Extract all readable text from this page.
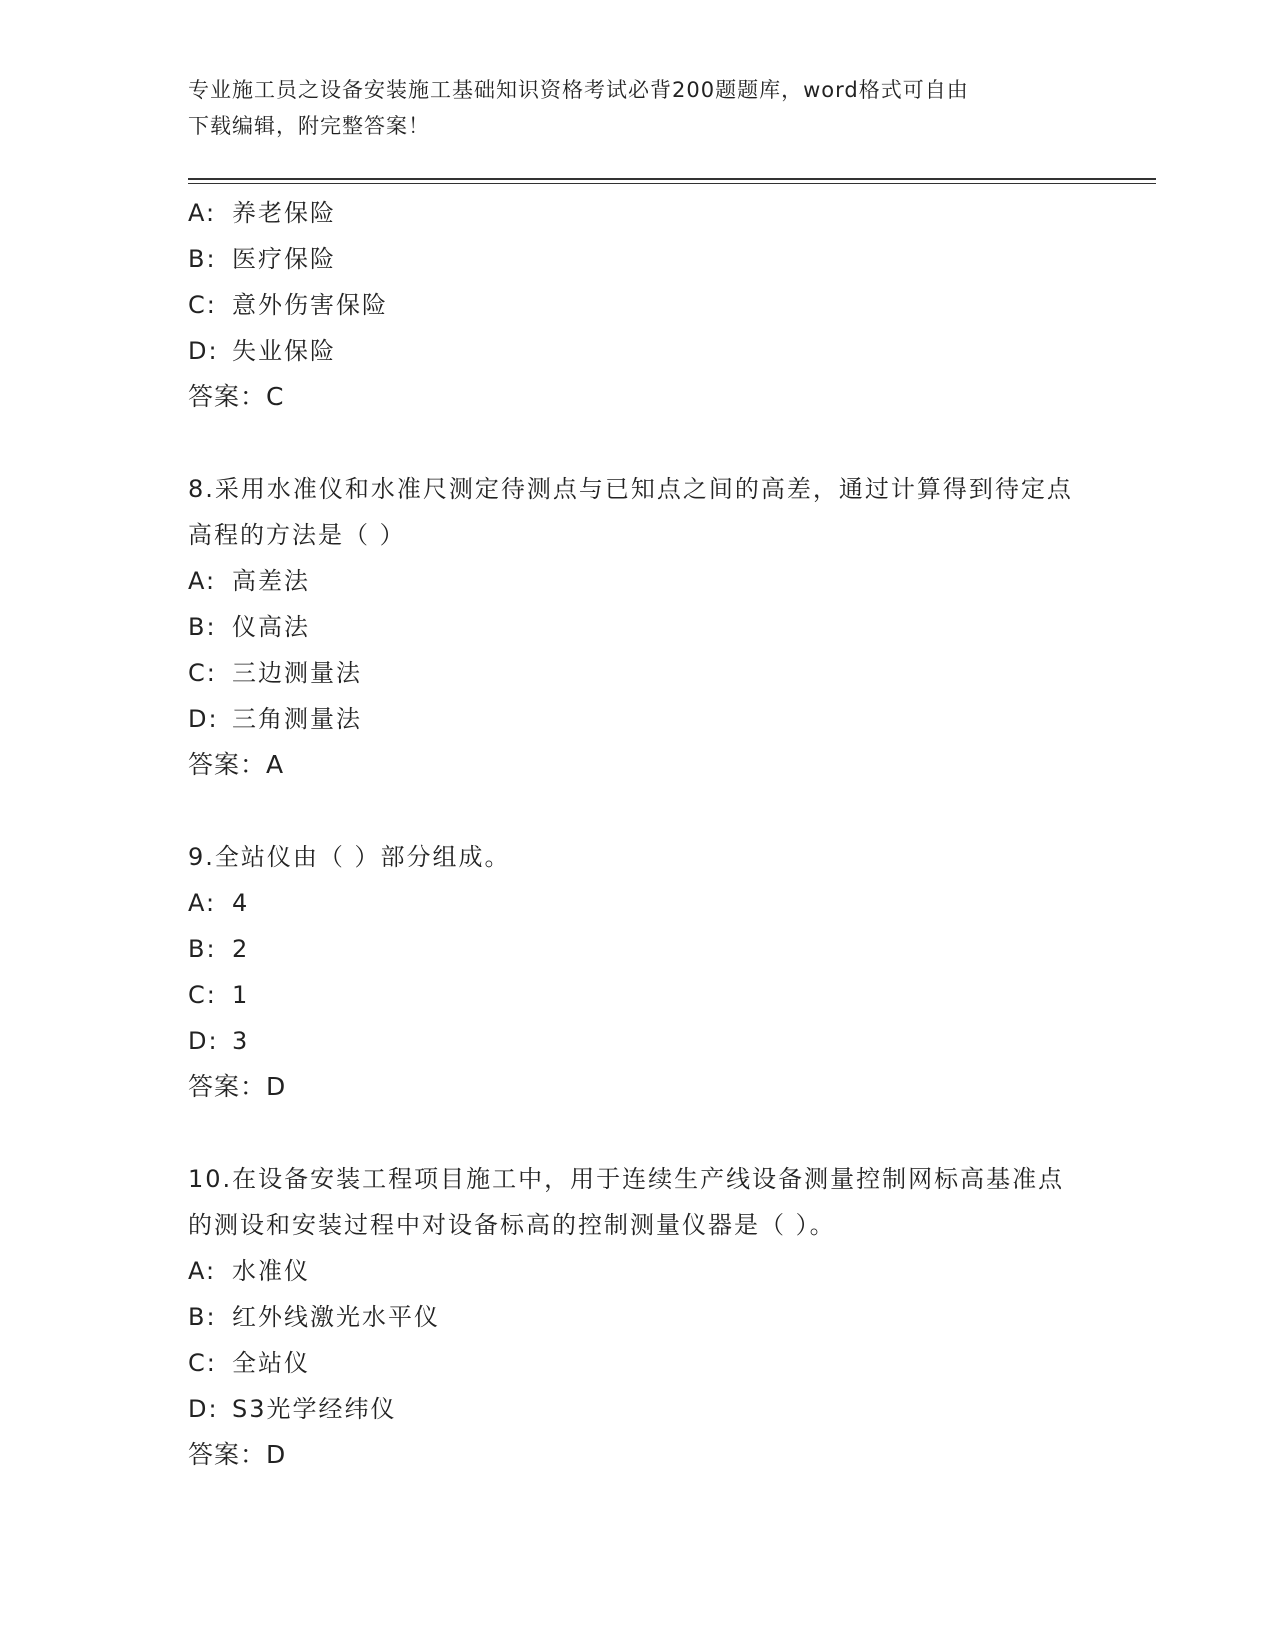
专业施工员之设备安装施工基础知识资格考试必背200题题库，word格式可自由
下载编辑，附完整答案！

A: 养老保险

B: 医疗保险

C: 意外伤害保险

D: 失业保险

答案：C

8.采用水准仪和水准尺测定待测点与已知点之间的高差，通过计算得到待定点高程的方法是（ ）

A: 高差法

B: 仪高法

C: 三边测量法

D: 三角测量法

答案：A

9.全站仪由（ ）部分组成。

A: 4

B: 2

C: 1

D: 3

答案：D

10.在设备安装工程项目施工中，用于连续生产线设备测量控制网标高基准点的测设和安装过程中对设备标高的控制测量仪器是（ ）。

A: 水准仪

B: 红外线激光水平仪

C: 全站仪

D: S3光学经纬仪

答案：D
